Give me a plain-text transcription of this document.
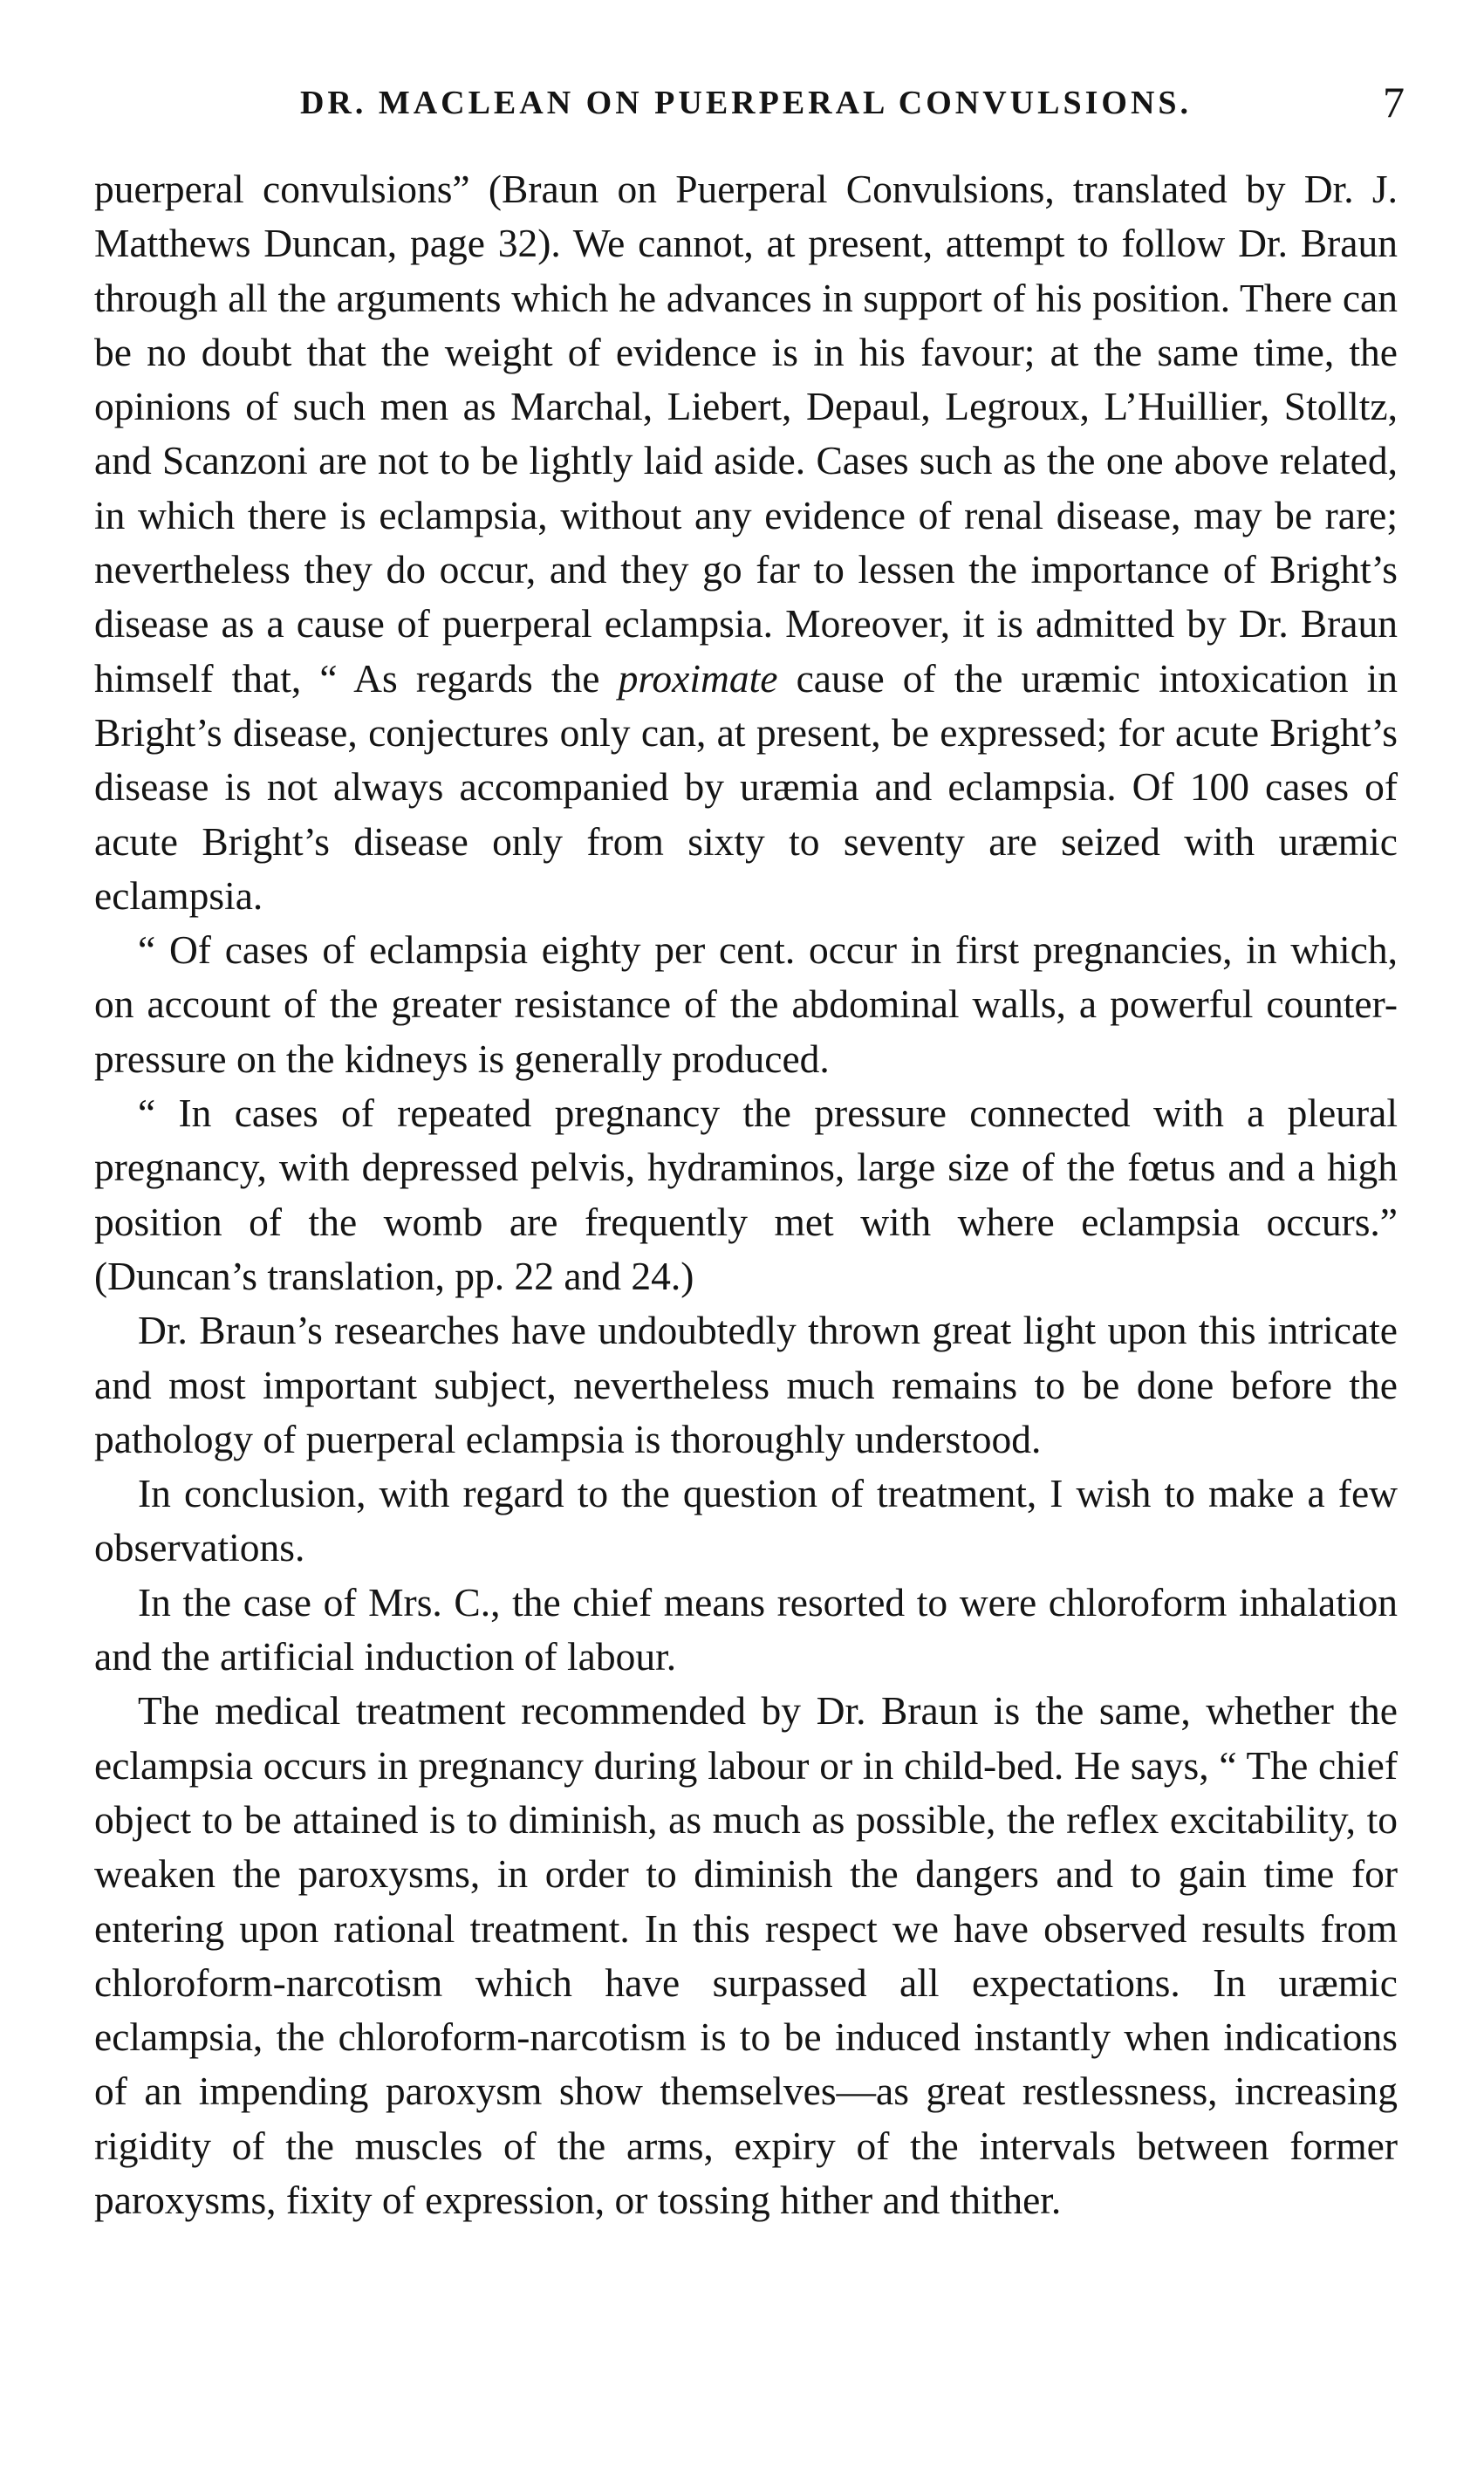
DR. MACLEAN ON PUERPERAL CONVULSIONS.	7

puerperal convulsions” (Braun on Puerperal Convulsions, translated by Dr. J. Matthews Duncan, page 32). We cannot, at present, attempt to follow Dr. Braun through all the arguments which he advances in support of his position. There can be no doubt that the weight of evidence is in his favour; at the same time, the opinions of such men as Marchal, Liebert, Depaul, Legroux, L’Huillier, Stolltz, and Scanzoni are not to be lightly laid aside. Cases such as the one above related, in which there is eclampsia, without any evidence of renal disease, may be rare; nevertheless they do occur, and they go far to lessen the importance of Bright’s disease as a cause of puerperal eclampsia. Moreover, it is admitted by Dr. Braun himself that, “ As regards the proximate cause of the uræmic intoxication in Bright’s disease, conjectures only can, at present, be expressed; for acute Bright’s disease is not always accompanied by uræmia and eclampsia. Of 100 cases of acute Bright’s disease only from sixty to seventy are seized with uræmic eclampsia.

“ Of cases of eclampsia eighty per cent. occur in first pregnancies, in which, on account of the greater resistance of the abdominal walls, a powerful counter-pressure on the kidneys is generally produced.

“ In cases of repeated pregnancy the pressure connected with a pleural pregnancy, with depressed pelvis, hydraminos, large size of the fœtus and a high position of the womb are frequently met with where eclampsia occurs.” (Duncan’s translation, pp. 22 and 24.)

Dr. Braun’s researches have undoubtedly thrown great light upon this intricate and most important subject, nevertheless much remains to be done before the pathology of puerperal eclampsia is thoroughly understood.

In conclusion, with regard to the question of treatment, I wish to make a few observations.

In the case of Mrs. C., the chief means resorted to were chloroform inhalation and the artificial induction of labour.

The medical treatment recommended by Dr. Braun is the same, whether the eclampsia occurs in pregnancy during labour or in child-bed. He says, “ The chief object to be attained is to diminish, as much as possible, the reflex excitability, to weaken the paroxysms, in order to diminish the dangers and to gain time for entering upon rational treatment. In this respect we have observed results from chloroform-narcotism which have surpassed all expectations. In uræmic eclampsia, the chloroform-narcotism is to be induced instantly when indications of an impending paroxysm show themselves—as great restlessness, increasing rigidity of the muscles of the arms, expiry of the intervals between former paroxysms, fixity of expression, or tossing hither and thither.
